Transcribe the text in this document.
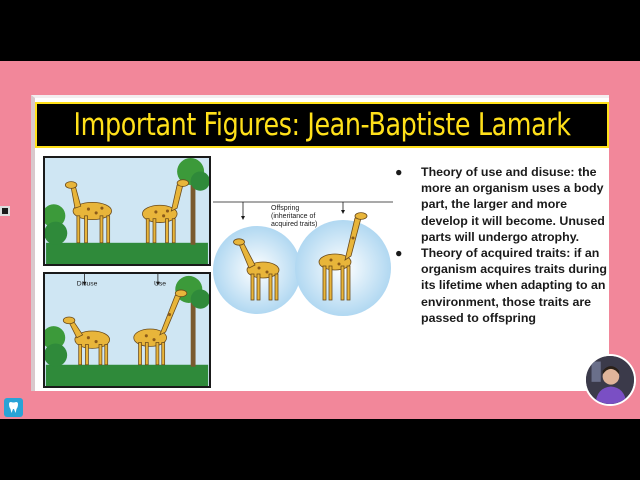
Important Figures: Jean-Baptiste Lamark
Disuse	Use
Offspring
(inheritance of
acquired traits)
● Theory of use and disuse: the more an organism uses a body part, the larger and more develop it will become. Unused parts will undergo atrophy.
● Theory of acquired traits: if an organism acquires traits during its lifetime when adapting to an environment, those traits are passed to offspring
